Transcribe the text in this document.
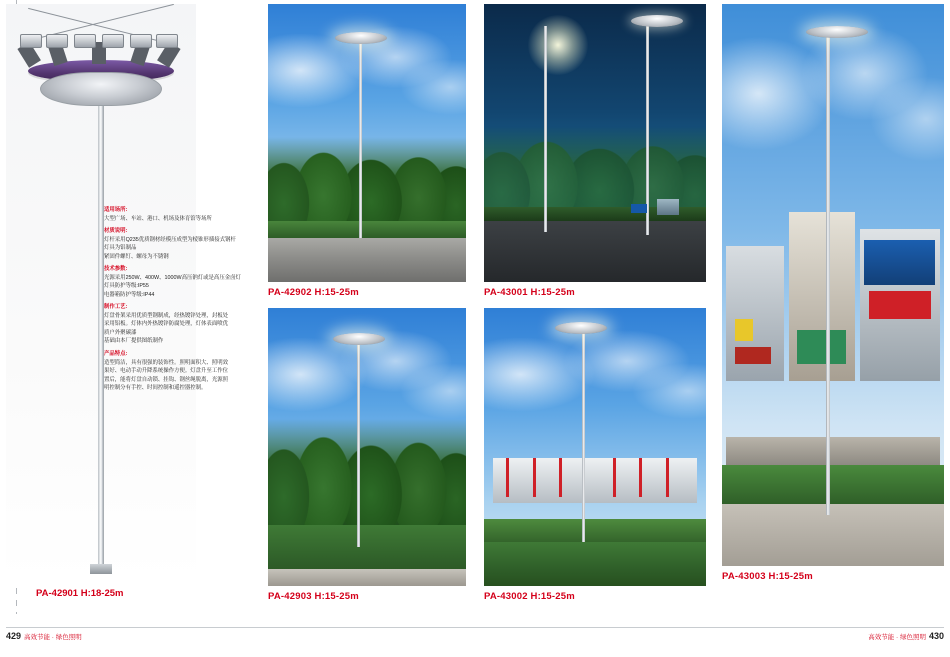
适用场所:
大型广场、车站、港口、机场及体育馆等场所
材质说明:
灯杆采用Q235优质钢材经模压成型为棱锥形插接式钢杆
灯具为铝制品
紧固件螺钉、螺母为不锈钢
技术参数:
光源采用250W、400W、1000W高压钠灯或是高压金卤灯
灯具防护等级:IP55
电器箱防护等级:IP44
制作工艺:
灯盘骨架采用优质型钢制成，经热镀锌处理，封板处
采用铝板。灯体内外热镀锌防腐处理，灯体表面喷优
质户外聚碳漆
基础由本厂提供图纸制作
产品特点:
造型简洁，具有很强的装饰性。照明面积大、照明效
果好、电动手动升降系统操作方便。灯盘升至工作位
置后，能将灯盘自动锁、挂钩、钢丝绳脱离，光源照
明控制分有手控、时间控制和遥控器控制。
PA-42901 H:18-25m
PA-42902 H:15-25m	PA-43001 H:15-25m
PA-43003 H:15-25m
PA-42903 H:15-25m	PA-43002 H:15-25m
429 高效节能 · 绿色照明	430
高效节能 · 绿色照明
